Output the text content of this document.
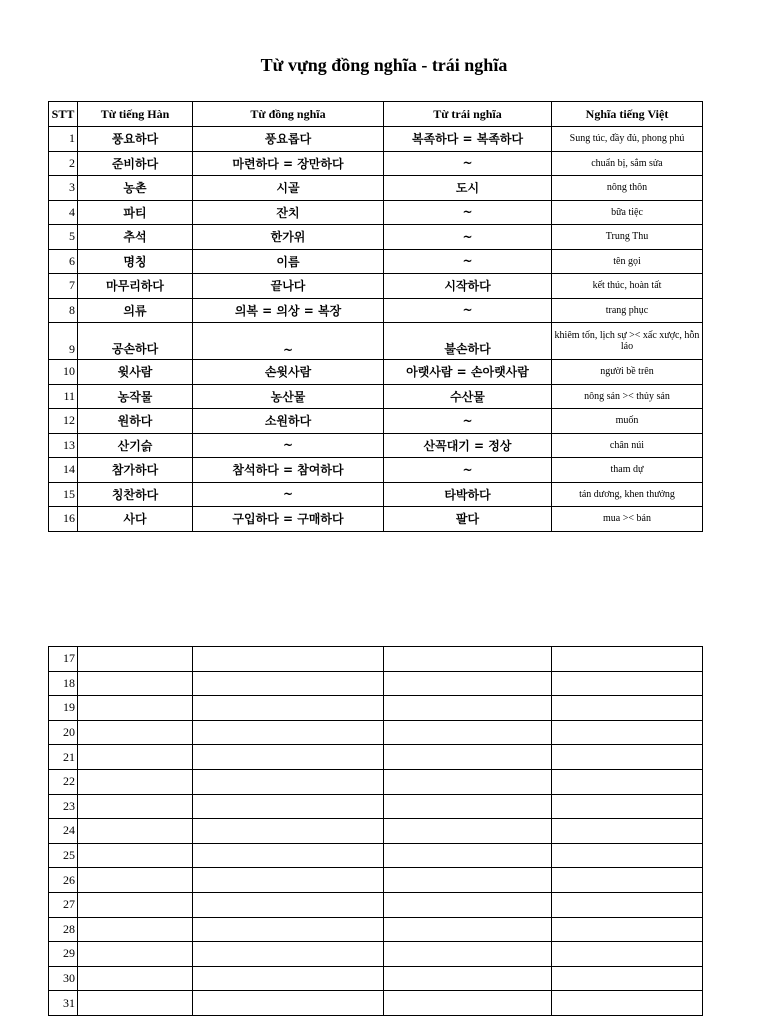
Từ vựng đồng nghĩa - trái nghĩa
STT	Từ tiếng Hàn	Từ đồng nghĩa	Từ trái nghĩa	Nghĩa tiếng Việt
1	풍요하다	풍요롭다	복족하다 = 복족하다	Sung túc, đầy đủ, phong phú
2	준비하다	마련하다 = 장만하다	~	chuẩn bị, sắm sửa
3	농촌	시골	도시	nông thôn
4	파티	잔치	~	bữa tiệc
5	추석	한가위	~	Trung Thu
6	명칭	이름	~	tên gọi
7	마무리하다	끝나다	시작하다	kết thúc, hoàn tất
8	의류	의복 = 의상 = 복장	~	trang phục
9	공손하다	~	불손하다	khiêm tốn, lịch sự >< xấc xược, hỗn láo
10	윗사람	손윗사람	아랫사람 = 손아랫사람	người bề trên
11	농작물	농산물	수산물	nông sản >< thủy sản
12	원하다	소원하다	~	muốn
13	산기슭	~	산꼭대기 = 정상	chân núi
14	참가하다	참석하다 = 참여하다	~	tham dự
15	칭찬하다	~	타박하다	tán dương, khen thưởng
16	사다	구입하다 = 구매하다	팔다	mua >< bán
17				
18				
19				
20				
21				
22				
23				
24				
25				
26				
27				
28				
29				
30				
31				
